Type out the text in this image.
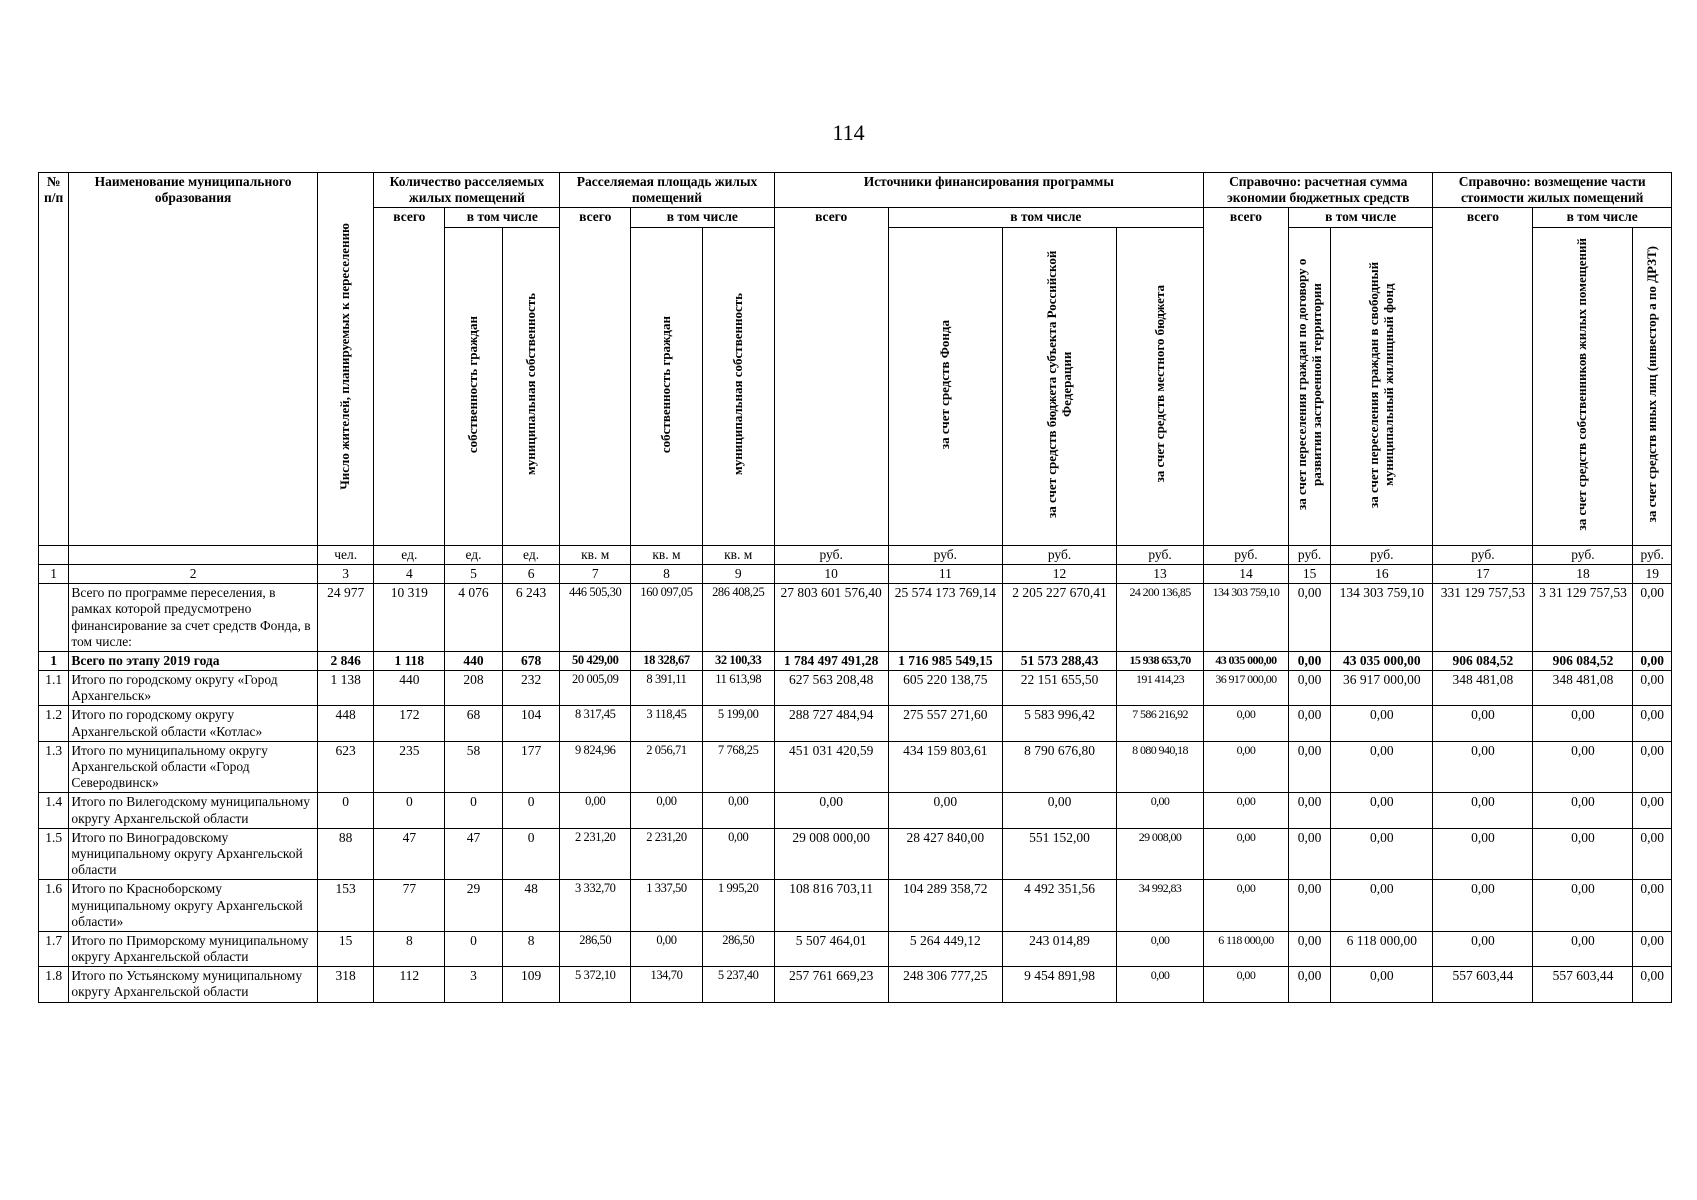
114
№ п/п	Наименование муниципального образования	Число жителей, планируемых к переселению	Количество расселяемых жилых помещений			Расселяемая площадь жилых помещений			Источники финансирования программы				Справочно: расчетная сумма экономии бюджетных средств			Справочно: возмещение части стоимости жилых помещений		
			всего	в том числе		всего	в том числе		всего	в том числе			всего	в том числе		всего	в том числе	
				собственность граждан	муниципальная собственность		собственность граждан	муниципальная собственность		за счет средств Фонда	за счет средств бюджета субъекта Российской Федерации	за счет средств местного бюджета		за счет переселения граждан по договору о развитии застроенной территории	за счет переселения граждан в свободный муниципальный жилищный фонд		за счет средств собственников жилых помещений	за счет средств иных лиц (инвестор а по ДРЗТ)
		чел.	ед.	ед.	ед.	кв. м	кв. м	кв. м	руб.	руб.	руб.	руб.	руб.	руб.	руб.	руб.	руб.	руб.
1	2	3	4	5	6	7	8	9	10	11	12	13	14	15	16	17	18	19
	Всего по программе переселения, в рамках которой предусмотрено финансирование за счет средств Фонда, в том числе:	24 977	10 319	4 076	6 243	446 505,30	160 097,05	286 408,25	27 803 601 576,40	25 574 173 769,14	2 205 227 670,41	24 200 136,85	134 303 759,10	0,00	134 303 759,10	331 129 757,53	3 31 129 757,53	0,00
1	Всего по этапу 2019 года	2 846	1 118	440	678	50 429,00	18 328,67	32 100,33	1 784 497 491,28	1 716 985 549,15	51 573 288,43	15 938 653,70	43 035 000,00	0,00	43 035 000,00	906 084,52	906 084,52	0,00
1.1	Итого по городскому округу «Город Архангельск»	1 138	440	208	232	20 005,09	8 391,11	11 613,98	627 563 208,48	605 220 138,75	22 151 655,50	191 414,23	36 917 000,00	0,00	36 917 000,00	348 481,08	348 481,08	0,00
1.2	Итого по городскому округу Архангельской области «Котлас»	448	172	68	104	8 317,45	3 118,45	5 199,00	288 727 484,94	275 557 271,60	5 583 996,42	7 586 216,92	0,00	0,00	0,00	0,00	0,00	0,00
1.3	Итого по муниципальному округу Архангельской области «Город Северодвинск»	623	235	58	177	9 824,96	2 056,71	7 768,25	451 031 420,59	434 159 803,61	8 790 676,80	8 080 940,18	0,00	0,00	0,00	0,00	0,00	0,00
1.4	Итого по Вилегодскому муниципальному округу Архангельской области	0	0	0	0	0,00	0,00	0,00	0,00	0,00	0,00	0,00	0,00	0,00	0,00	0,00	0,00	0,00
1.5	Итого по Виноградовскому муниципальному округу Архангельской области	88	47	47	0	2 231,20	2 231,20	0,00	29 008 000,00	28 427 840,00	551 152,00	29 008,00	0,00	0,00	0,00	0,00	0,00	0,00
1.6	Итого по Красноборскому муниципальному округу Архангельской области»	153	77	29	48	3 332,70	1 337,50	1 995,20	108 816 703,11	104 289 358,72	4 492 351,56	34 992,83	0,00	0,00	0,00	0,00	0,00	0,00
1.7	Итого по Приморскому муниципальному округу Архангельской области	15	8	0	8	286,50	0,00	286,50	5 507 464,01	5 264 449,12	243 014,89	0,00	6 118 000,00	0,00	6 118 000,00	0,00	0,00	0,00
1.8	Итого по Устьянскому муниципальному округу Архангельской области	318	112	3	109	5 372,10	134,70	5 237,40	257 761 669,23	248 306 777,25	9 454 891,98	0,00	0,00	0,00	0,00	557 603,44	557 603,44	0,00
